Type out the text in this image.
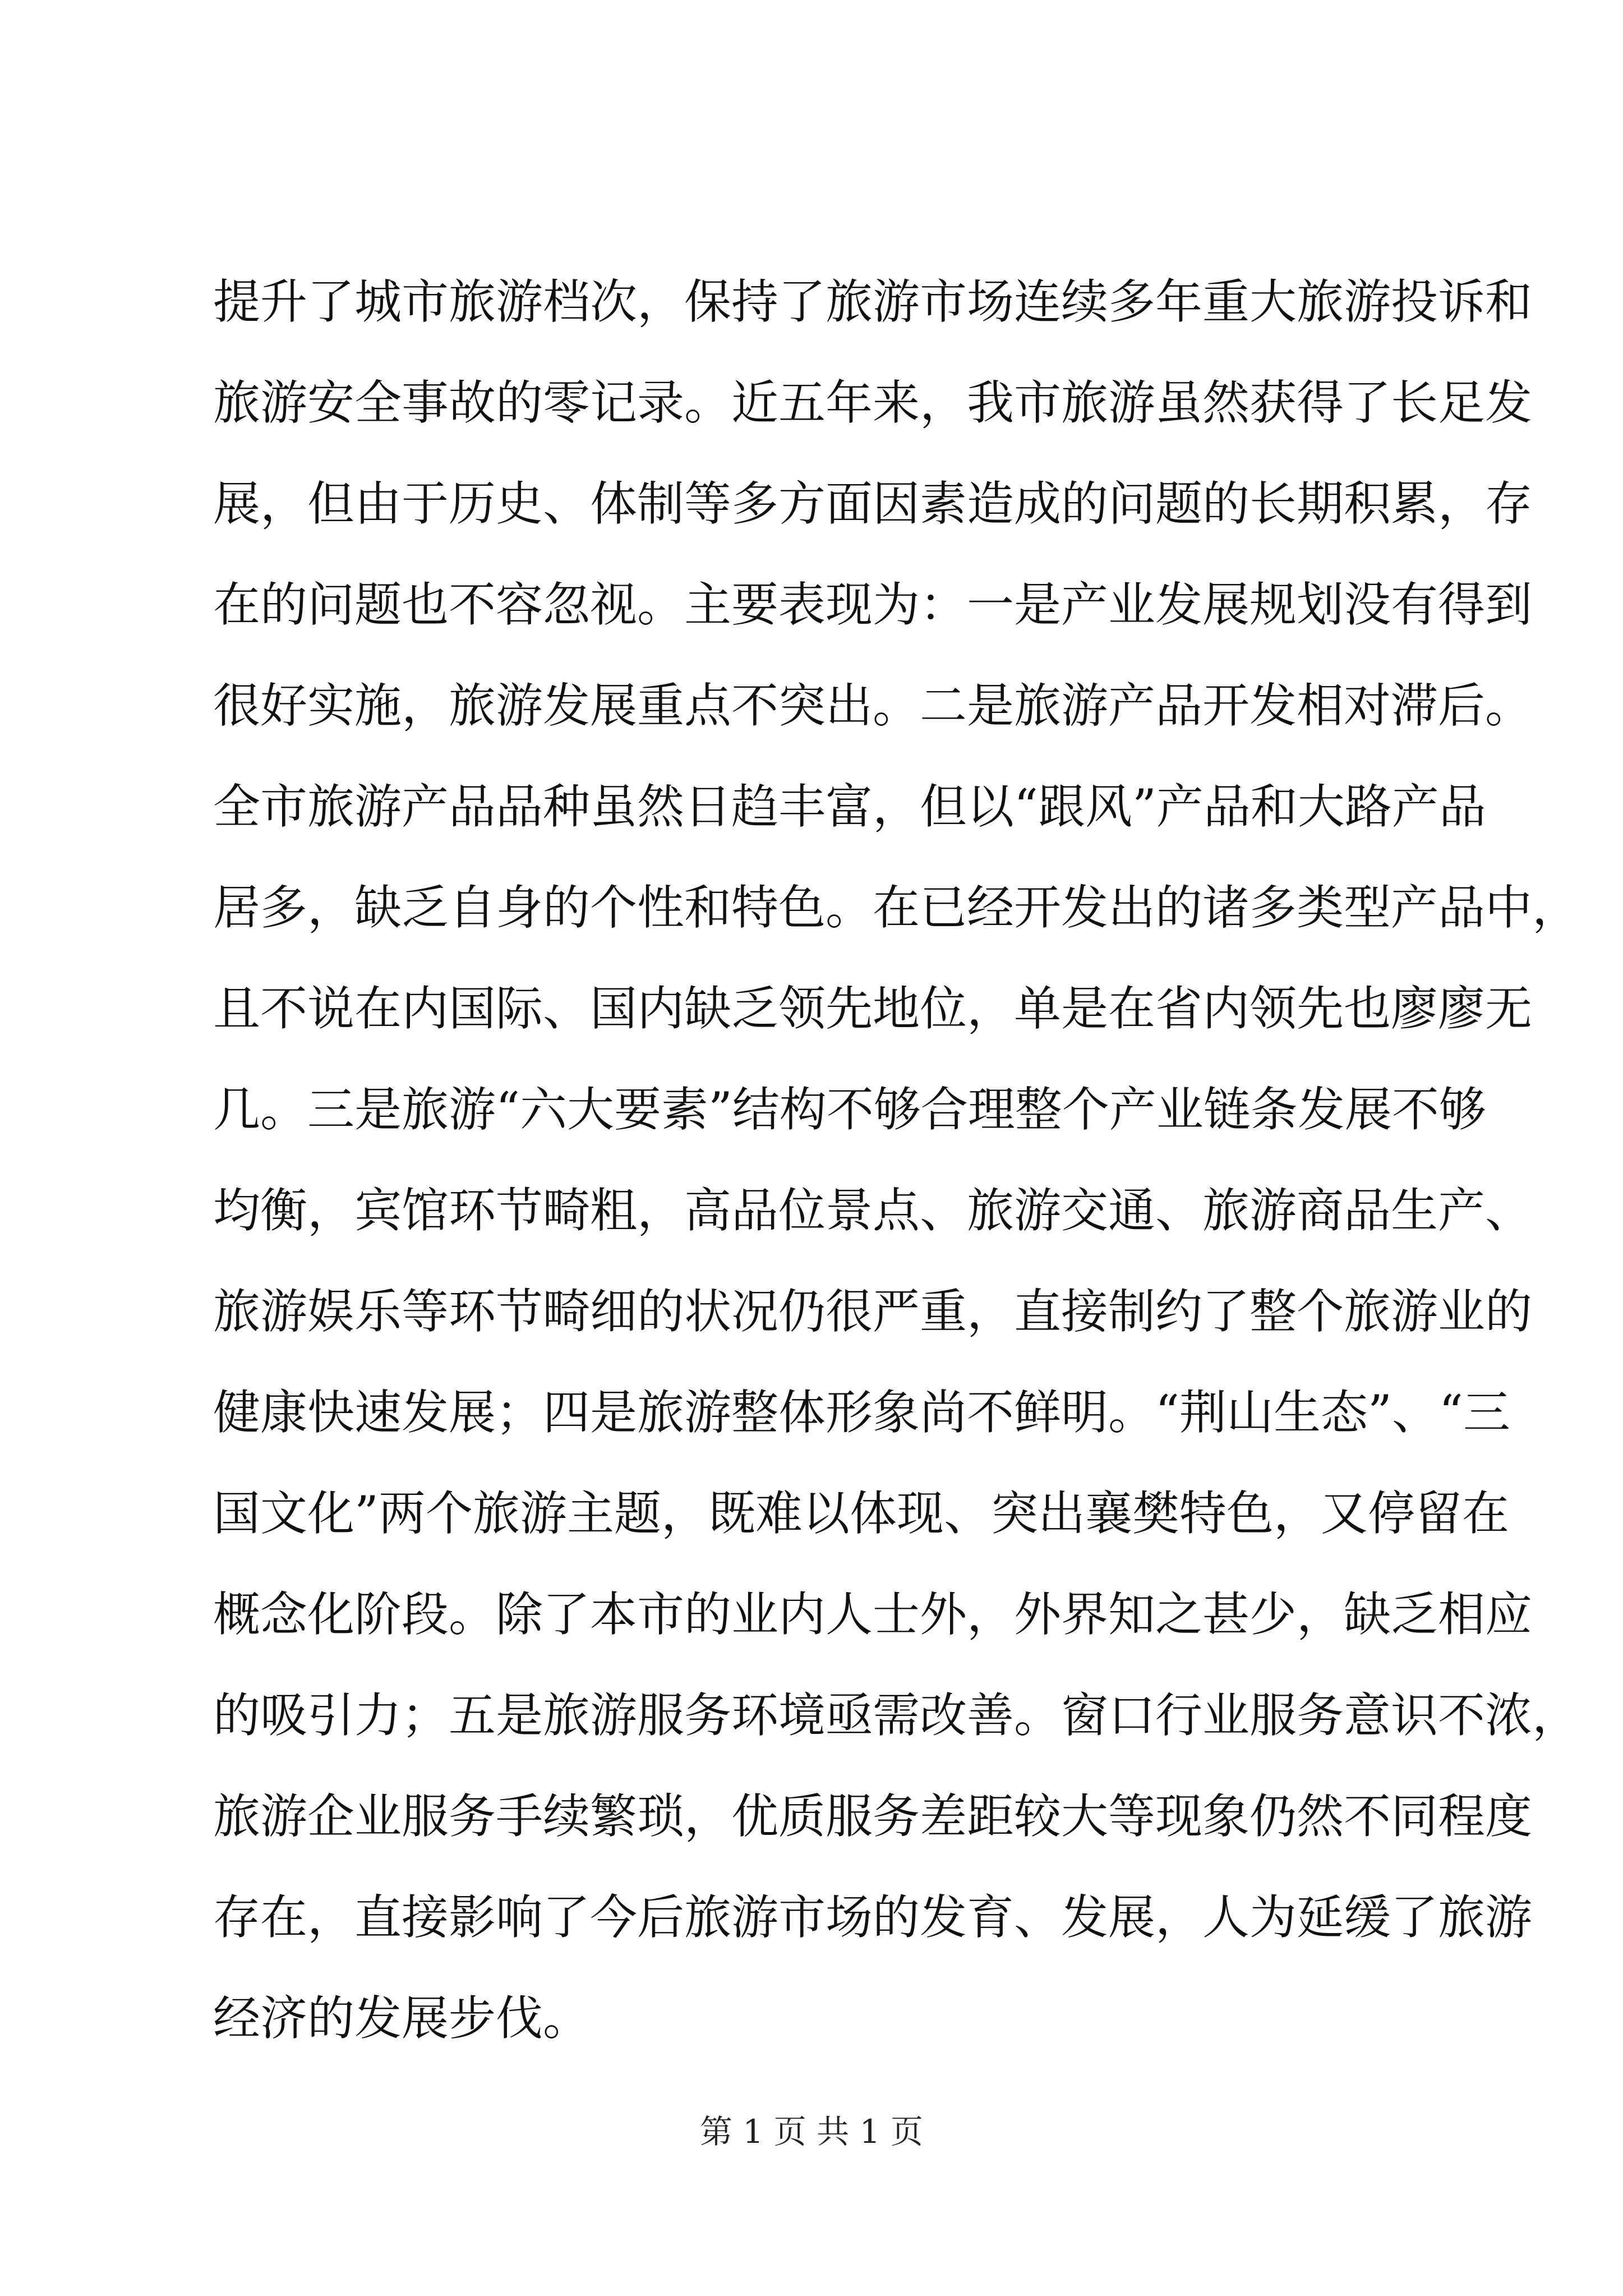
提升了城市旅游档次，保持了旅游市场连续多年重大旅游投诉和
旅游安全事故的零记录。近五年来，我市旅游虽然获得了长足发
展，但由于历史、体制等多方面因素造成的问题的长期积累，存
在的问题也不容忽视。主要表现为：一是产业发展规划没有得到
很好实施，旅游发展重点不突出。二是旅游产品开发相对滞后。
全市旅游产品品种虽然日趋丰富，但以“跟风”产品和大路产品
居多，缺乏自身的个性和特色。在已经开发出的诸多类型产品中，
且不说在内国际、国内缺乏领先地位，单是在省内领先也廖廖无
几。三是旅游“六大要素”结构不够合理整个产业链条发展不够
均衡，宾馆环节畸粗，高品位景点、旅游交通、旅游商品生产、
旅游娱乐等环节畸细的状况仍很严重，直接制约了整个旅游业的
健康快速发展；四是旅游整体形象尚不鲜明。“荆山生态”、“三
国文化”两个旅游主题，既难以体现、突出襄樊特色，又停留在
概念化阶段。除了本市的业内人士外，外界知之甚少，缺乏相应
的吸引力；五是旅游服务环境亟需改善。窗口行业服务意识不浓，
旅游企业服务手续繁琐，优质服务差距较大等现象仍然不同程度
存在，直接影响了今后旅游市场的发育、发展，人为延缓了旅游
经济的发展步伐。
第 1 页 共 1 页
